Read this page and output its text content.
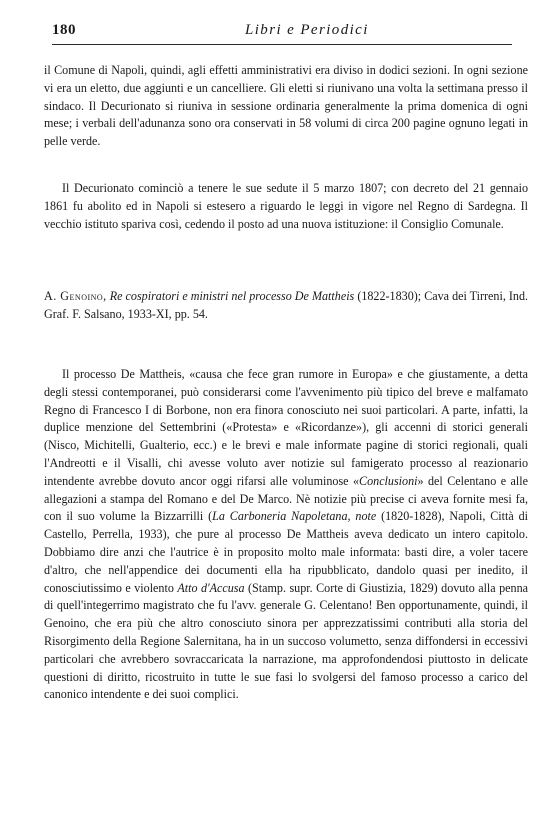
180	Libri e Periodici

il Comune di Napoli, quindi, agli effetti amministrativi era diviso in dodici sezioni. In ogni sezione vi era un eletto, due aggiunti e un cancelliere. Gli eletti si riunivano una volta la settimana presso il sindaco. Il Decurionato si riuniva in sessione ordinaria generalmente la prima domenica di ogni mese; i verbali dell'adunanza sono ora conservati in 58 volumi di circa 200 pagine ognuno legati in pelle verde.

Il Decurionato cominciò a tenere le sue sedute il 5 marzo 1807; con decreto del 21 gennaio 1861 fu abolito ed in Napoli si estesero a riguardo le leggi in vigore nel Regno di Sardegna. Il vecchio istituto spariva così, cedendo il posto ad una nuova istituzione: il Consiglio Comunale.

A. Genoino, Re cospiratori e ministri nel processo De Mattheis (1822-1830); Cava dei Tirreni, Ind. Graf. F. Salsano, 1933-XI, pp. 54.

Il processo De Mattheis, «causa che fece gran rumore in Europa» e che giustamente, a detta degli stessi contemporanei, può considerarsi come l'avvenimento più tipico del breve e malfamato Regno di Francesco I di Borbone, non era finora conosciuto nei suoi particolari. A parte, infatti, la duplice menzione del Settembrini («Protesta» e «Ricordanze»), gli accenni di storici generali (Nisco, Michitelli, Gualterio, ecc.) e le brevi e male informate pagine di storici regionali, quali l'Andreotti e il Visalli, chi avesse voluto aver notizie sul famigerato processo al reazionario intendente avrebbe dovuto ancor oggi rifarsi alle voluminose «Conclusioni» del Celentano e alle allegazioni a stampa del Romano e del De Marco. Nè notizie più precise ci aveva fornite mesi fa, con il suo volume la Bizzarrilli (La Carboneria Napoletana, note (1820-1828), Napoli, Città di Castello, Perrella, 1933), che pure al processo De Mattheis aveva dedicato un intero capitolo. Dobbiamo dire anzi che l'autrice è in proposito molto male informata: basti dire, a voler tacere d'altro, che nell'appendice dei documenti ella ha ripubblicato, dandolo quasi per inedito, il conosciutissimo e violento Atto d'Accusa (Stamp. supr. Corte di Giustizia, 1829) dovuto alla penna di quell'integerrimo magistrato che fu l'avv. generale G. Celentano! Ben opportunamente, quindi, il Genoino, che era più che altro conosciuto sinora per apprezzatissimi contributi alla storia del Risorgimento della Regione Salernitana, ha in un succoso volumetto, senza diffondersi in eccessivi particolari che avrebbero sovraccaricata la narrazione, ma approfondendosi piuttosto in delicate questioni di diritto, ricostruito in tutte le sue fasi lo svolgersi del famoso processo a carico del canonico intendente e dei suoi complici.
